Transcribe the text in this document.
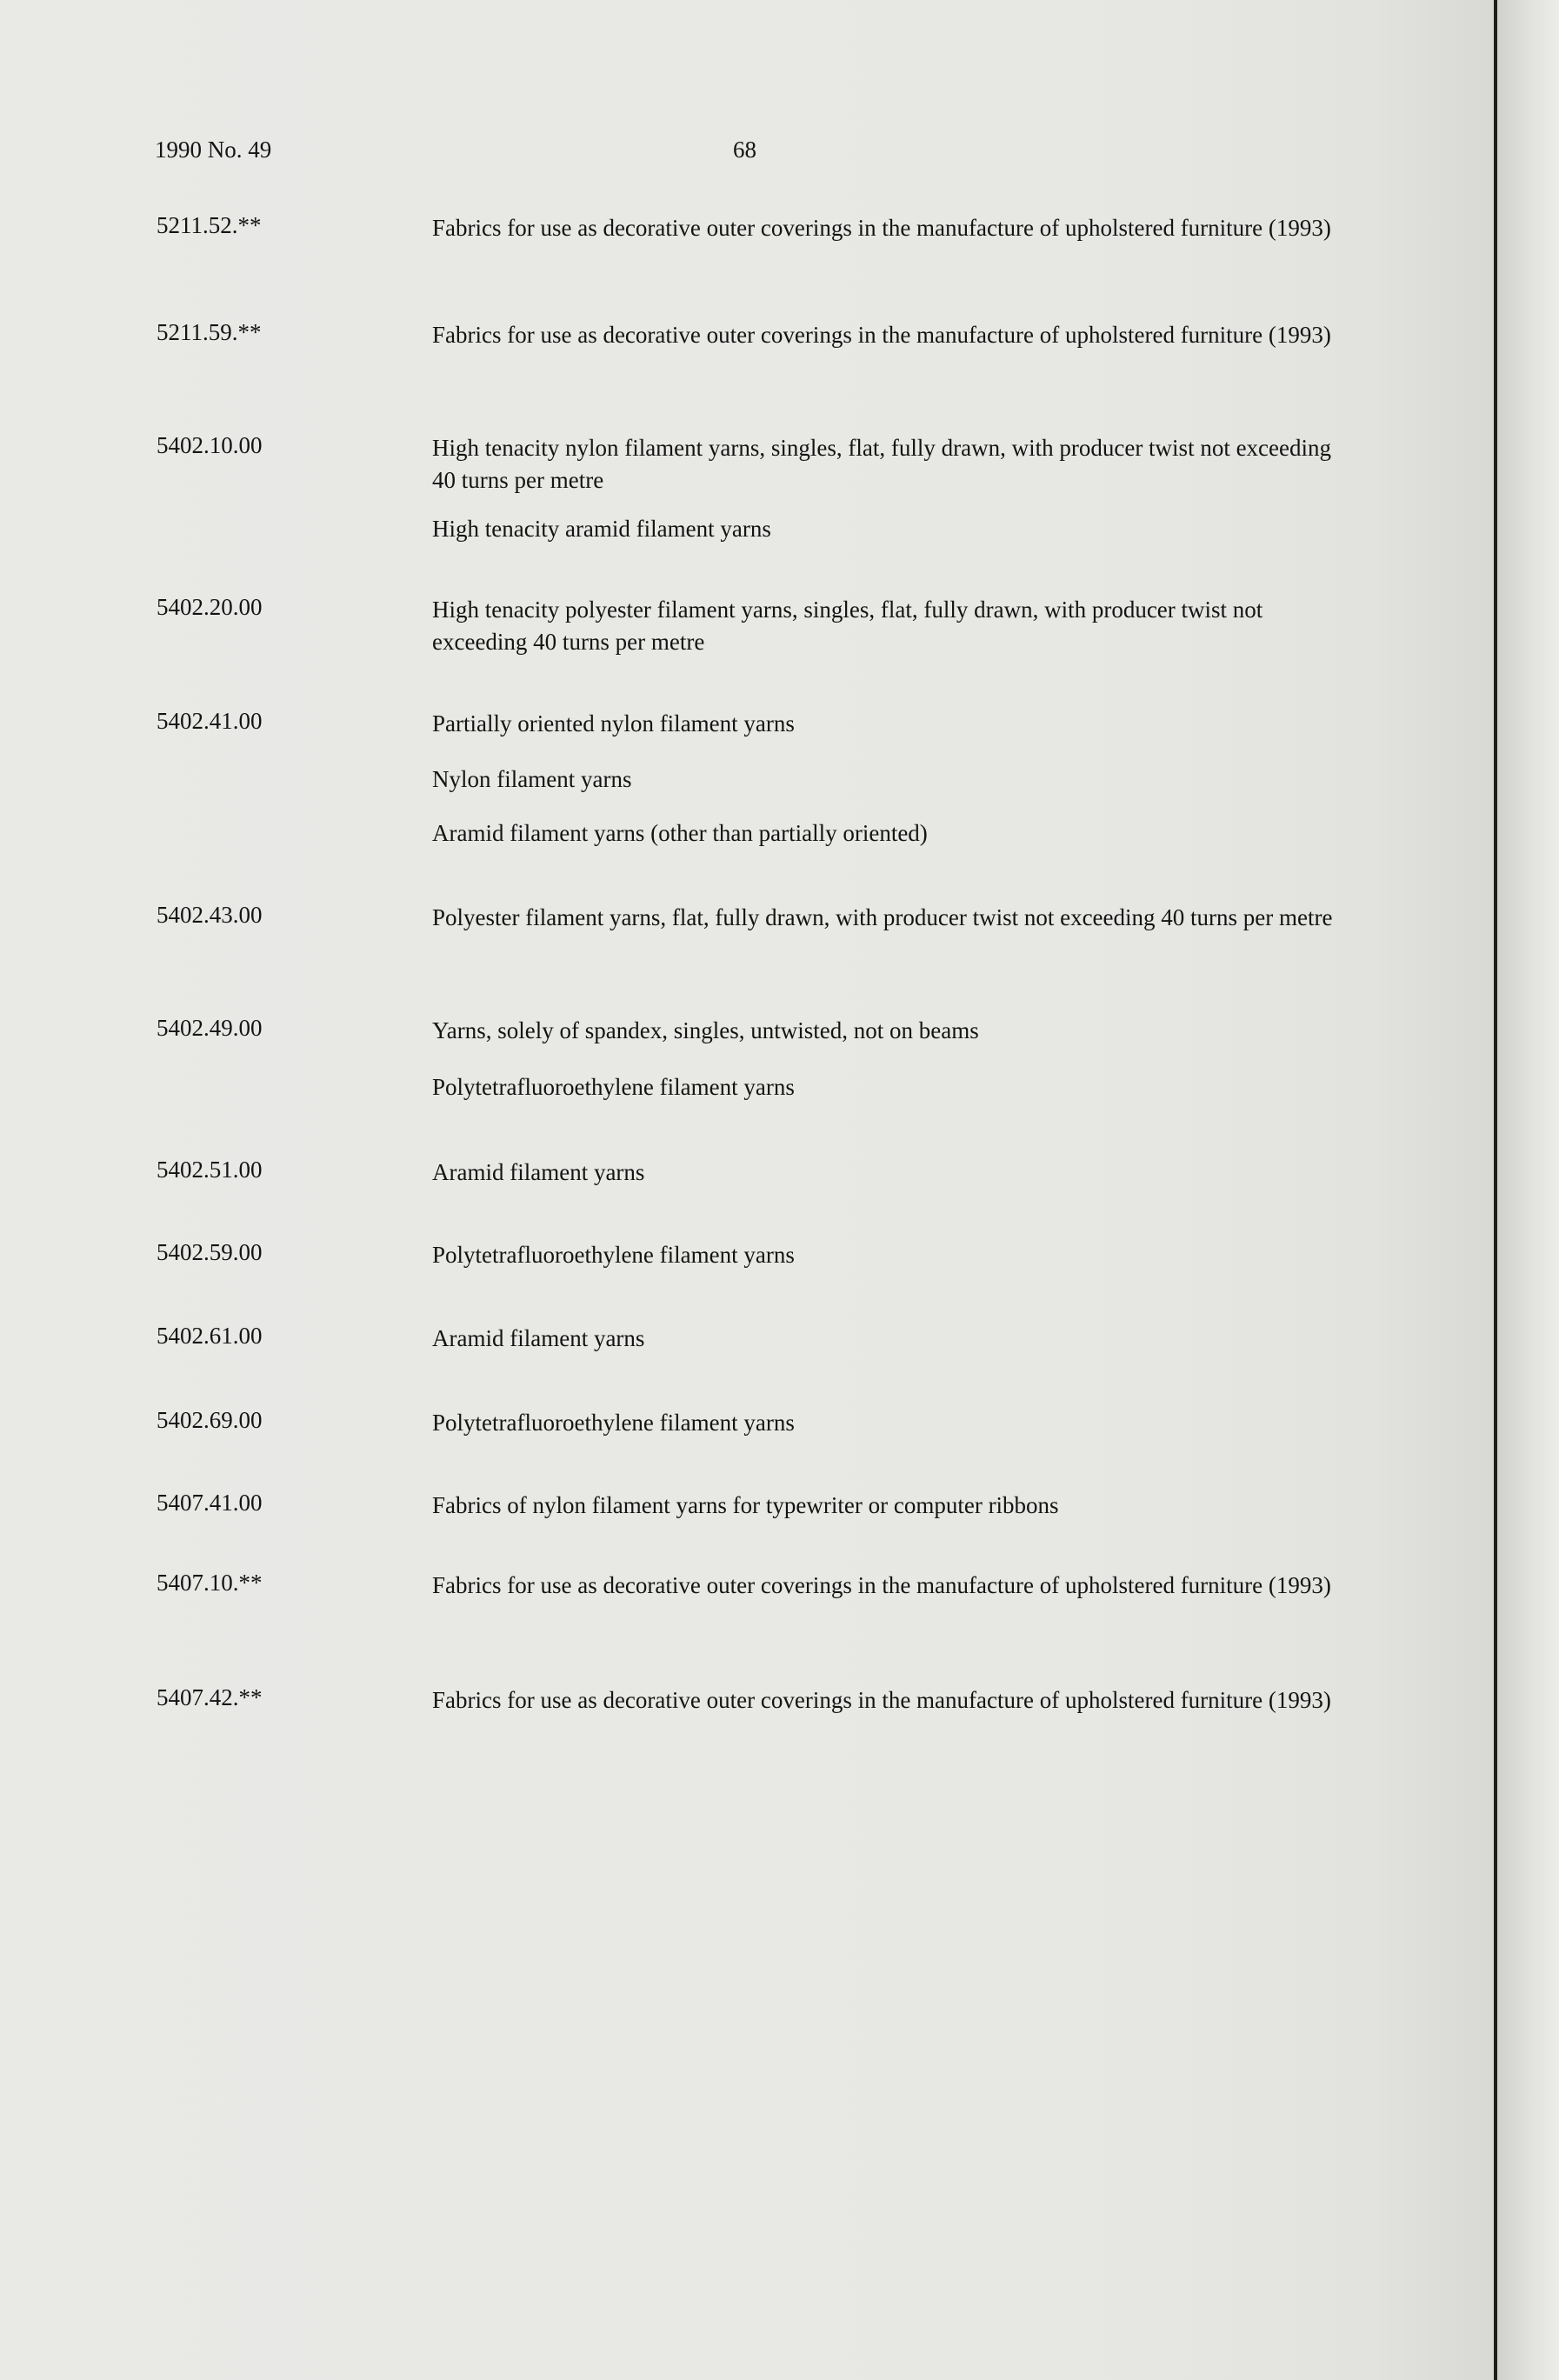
1990 No. 49	68
5211.52.**	Fabrics for use as decorative outer coverings in the manufacture of upholstered furniture (1993)
5211.59.**	Fabrics for use as decorative outer coverings in the manufacture of upholstered furniture (1993)
5402.10.00	High tenacity nylon filament yarns, singles, flat, fully drawn, with producer twist not exceeding 40 turns per metre
High tenacity aramid filament yarns
5402.20.00	High tenacity polyester filament yarns, singles, flat, fully drawn, with producer twist not exceeding 40 turns per metre
5402.41.00	Partially oriented nylon filament yarns
Nylon filament yarns
Aramid filament yarns (other than partially oriented)
5402.43.00	Polyester filament yarns, flat, fully drawn, with producer twist not exceeding 40 turns per metre
5402.49.00	Yarns, solely of spandex, singles, untwisted, not on beams
Polytetrafluoroethylene filament yarns
5402.51.00	Aramid filament yarns
5402.59.00	Polytetrafluoroethylene filament yarns
5402.61.00	Aramid filament yarns
5402.69.00	Polytetrafluoroethylene filament yarns
5407.41.00	Fabrics of nylon filament yarns for typewriter or computer ribbons
5407.10.**	Fabrics for use as decorative outer coverings in the manufacture of upholstered furniture (1993)
5407.42.**	Fabrics for use as decorative outer coverings in the manufacture of upholstered furniture (1993)
